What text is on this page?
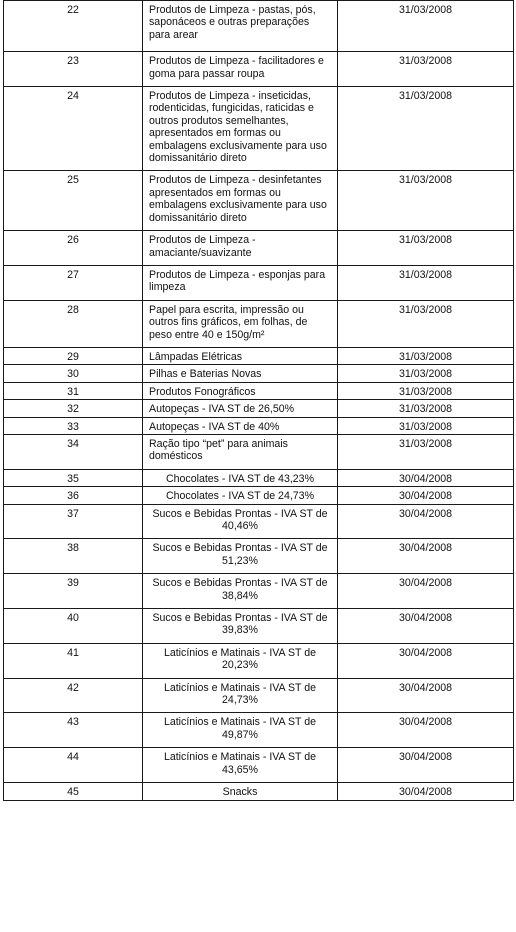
22	Produtos de Limpeza - pastas, pós, saponáceos e outras preparações para arear	31/03/2008
23	Produtos de Limpeza - facilitadores e goma para passar roupa	31/03/2008
24	Produtos de Limpeza - inseticidas, rodenticidas, fungicidas, raticidas e outros produtos semelhantes, apresentados em formas ou embalagens exclusivamente para uso domissanitário direto	31/03/2008
25	Produtos de Limpeza - desinfetantes apresentados em formas ou embalagens exclusivamente para uso domissanitário direto	31/03/2008
26	Produtos de Limpeza - amaciante/suavizante	31/03/2008
27	Produtos de Limpeza - esponjas para limpeza	31/03/2008
28	Papel para escrita, impressão ou outros fins gráficos, em folhas, de peso entre 40 e 150g/m²	31/03/2008
29	Lâmpadas Elétricas	31/03/2008
30	Pilhas e Baterias Novas	31/03/2008
31	Produtos Fonográficos	31/03/2008
32	Autopeças - IVA ST de 26,50%	31/03/2008
33	Autopeças - IVA ST de 40%	31/03/2008
34	Ração tipo “pet” para animais domésticos	31/03/2008
35	Chocolates - IVA ST de 43,23%	30/04/2008
36	Chocolates - IVA ST de 24,73%	30/04/2008
37	Sucos e Bebidas Prontas - IVA ST de 40,46%	30/04/2008
38	Sucos e Bebidas Prontas - IVA ST de 51,23%	30/04/2008
39	Sucos e Bebidas Prontas - IVA ST de 38,84%	30/04/2008
40	Sucos e Bebidas Prontas - IVA ST de 39,83%	30/04/2008
41	Laticínios e Matinais - IVA ST de 20,23%	30/04/2008
42	Laticínios e Matinais - IVA ST de 24,73%	30/04/2008
43	Laticínios e Matinais - IVA ST de 49,87%	30/04/2008
44	Laticínios e Matinais - IVA ST de 43,65%	30/04/2008
45	Snacks	30/04/2008
